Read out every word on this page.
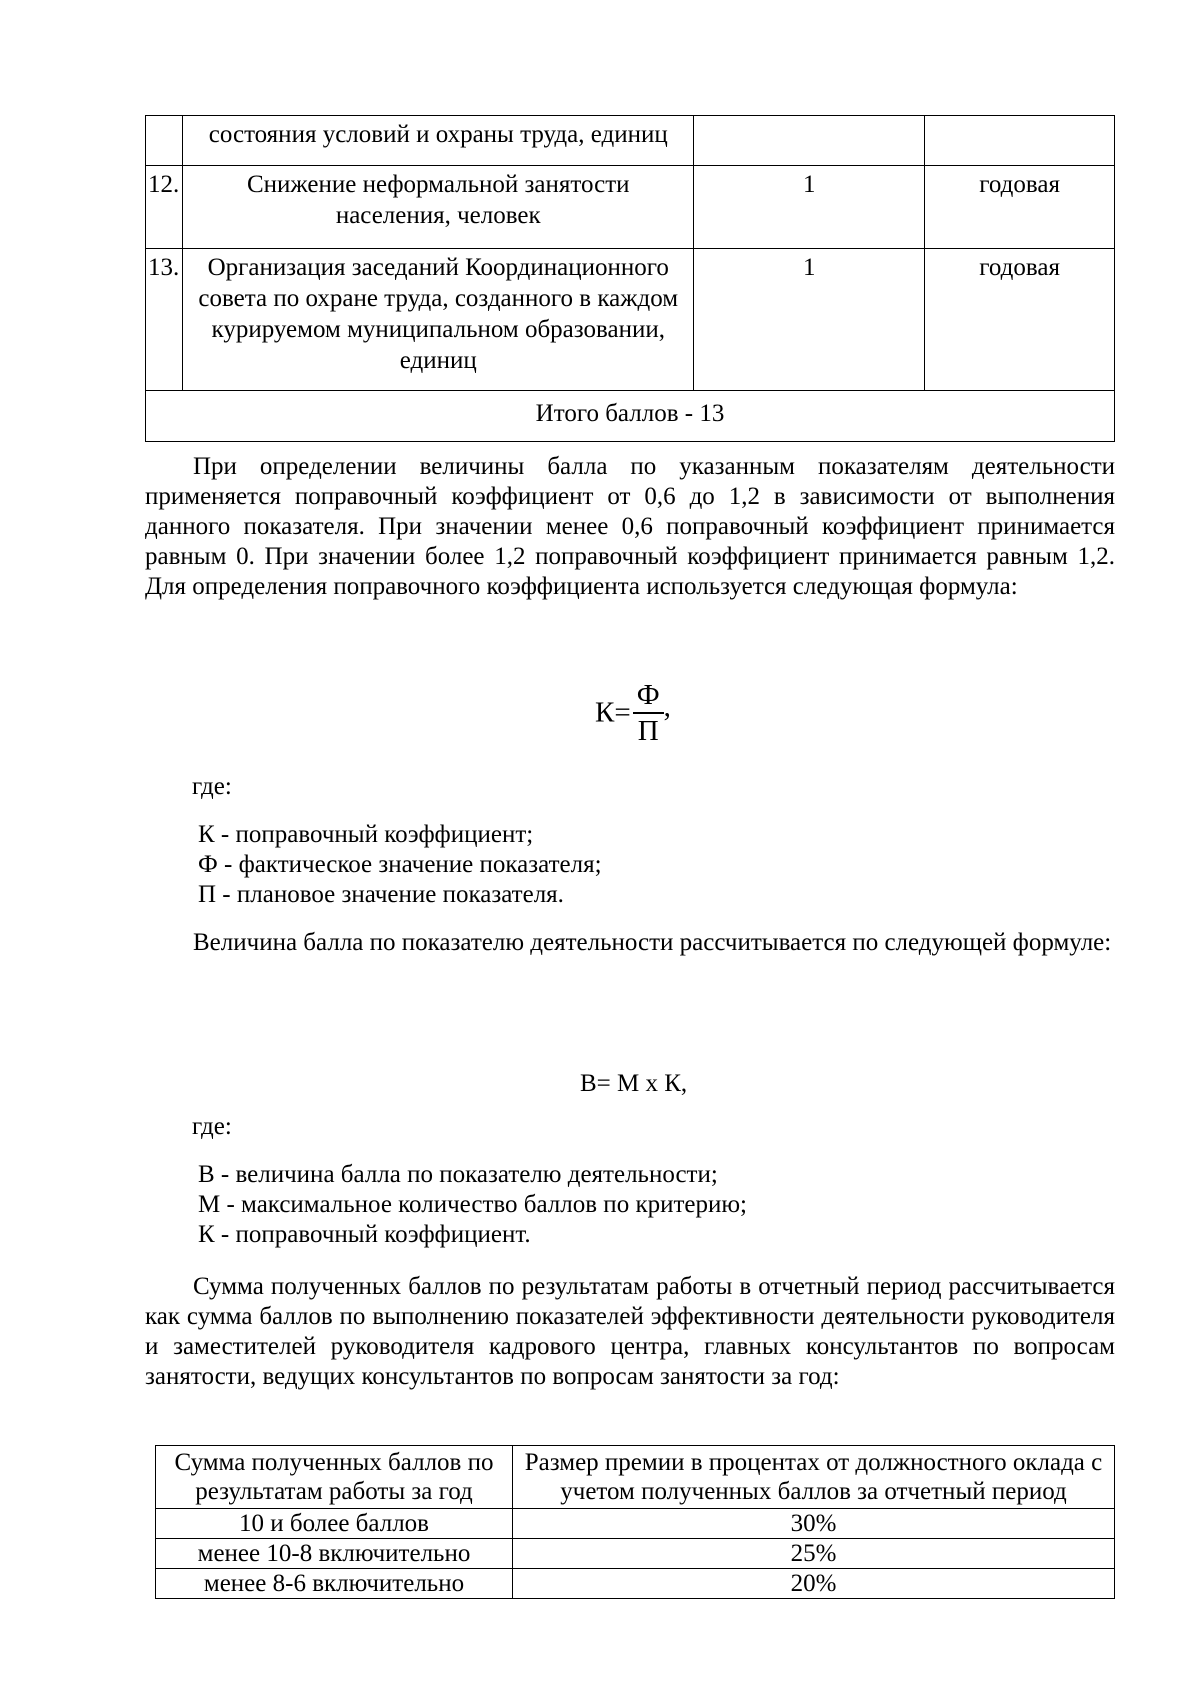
	состояния условий и охраны труда, единиц		
12.	Снижение неформальной занятости населения, человек	1	годовая
13.	Организация заседаний Координационного совета по охране труда, созданного в каждом курируемом муниципальном образовании, единиц	1	годовая
Итого баллов - 13			

При определении величины балла по указанным показателям деятельности применяется поправочный коэффициент от 0,6 до 1,2 в зависимости от выполнения данного показателя. При значении менее 0,6 поправочный коэффициент принимается равным 0. При значении более 1,2 поправочный коэффициент принимается равным 1,2. Для определения поправочного коэффициента используется следующая формула:

$К= \frac{Ф}{П}$ ,

где:

К - поправочный коэффициент;

Ф - фактическое значение показателя;

П - плановое значение показателя.

Величина балла по показателю деятельности рассчитывается по следующей формуле:

В= М х К,

где:

В - величина балла по показателю деятельности;

М - максимальное количество баллов по критерию;

К - поправочный коэффициент.

Сумма полученных баллов по результатам работы в отчетный период рассчитывается как сумма баллов по выполнению показателей эффективности деятельности руководителя и заместителей руководителя кадрового центра, главных консультантов по вопросам занятости, ведущих консультантов по вопросам занятости за год:

Сумма полученных баллов по результатам работы за год	Размер премии в процентах от должностного оклада с учетом полученных баллов за отчетный период
10 и более баллов	30%
менее 10-8 включительно	25%
менее 8-6 включительно	20%
